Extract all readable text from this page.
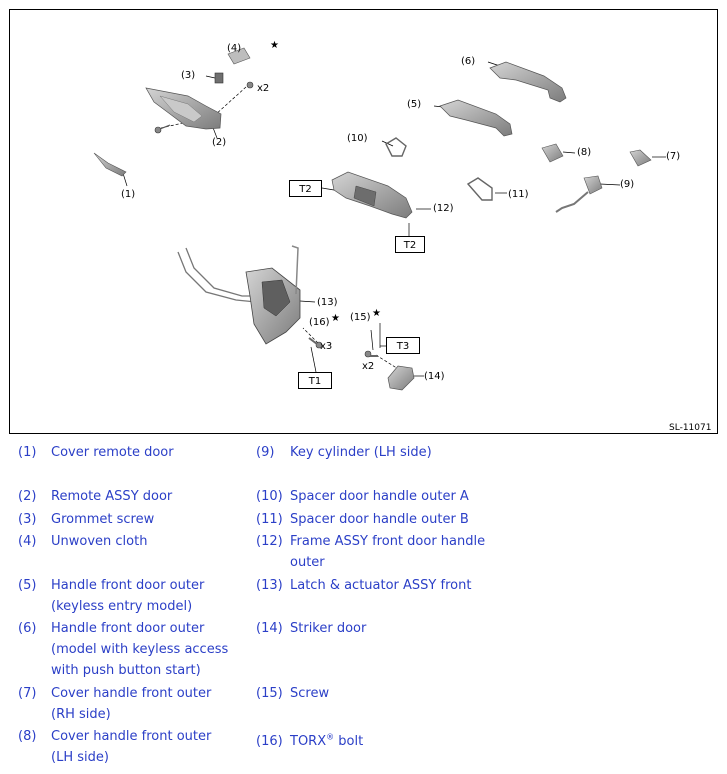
(1)
(2)
(3)
(4)	★
x2
(5)
(6)
(7)
(8)
(9)
(10)
(11)
(12)
(13)
(14)
(15) ★
(16) ★
x3
x2
T2
T2
T1
T3
SL-11071
(1) Cover remote door
(2) Remote ASSY door
(3) Grommet screw
(4) Unwoven cloth
(5) Handle front door outer (keyless entry model)
(6) Handle front door outer (model with keyless access with push button start)
(7) Cover handle front outer (RH side)
(8) Cover handle front outer (LH side)
(9) Key cylinder (LH side)
(10) Spacer door handle outer A
(11) Spacer door handle outer B
(12) Frame ASSY front door handle outer
(13) Latch & actuator ASSY front
(14) Striker door
(15) Screw
(16) TORX® bolt
